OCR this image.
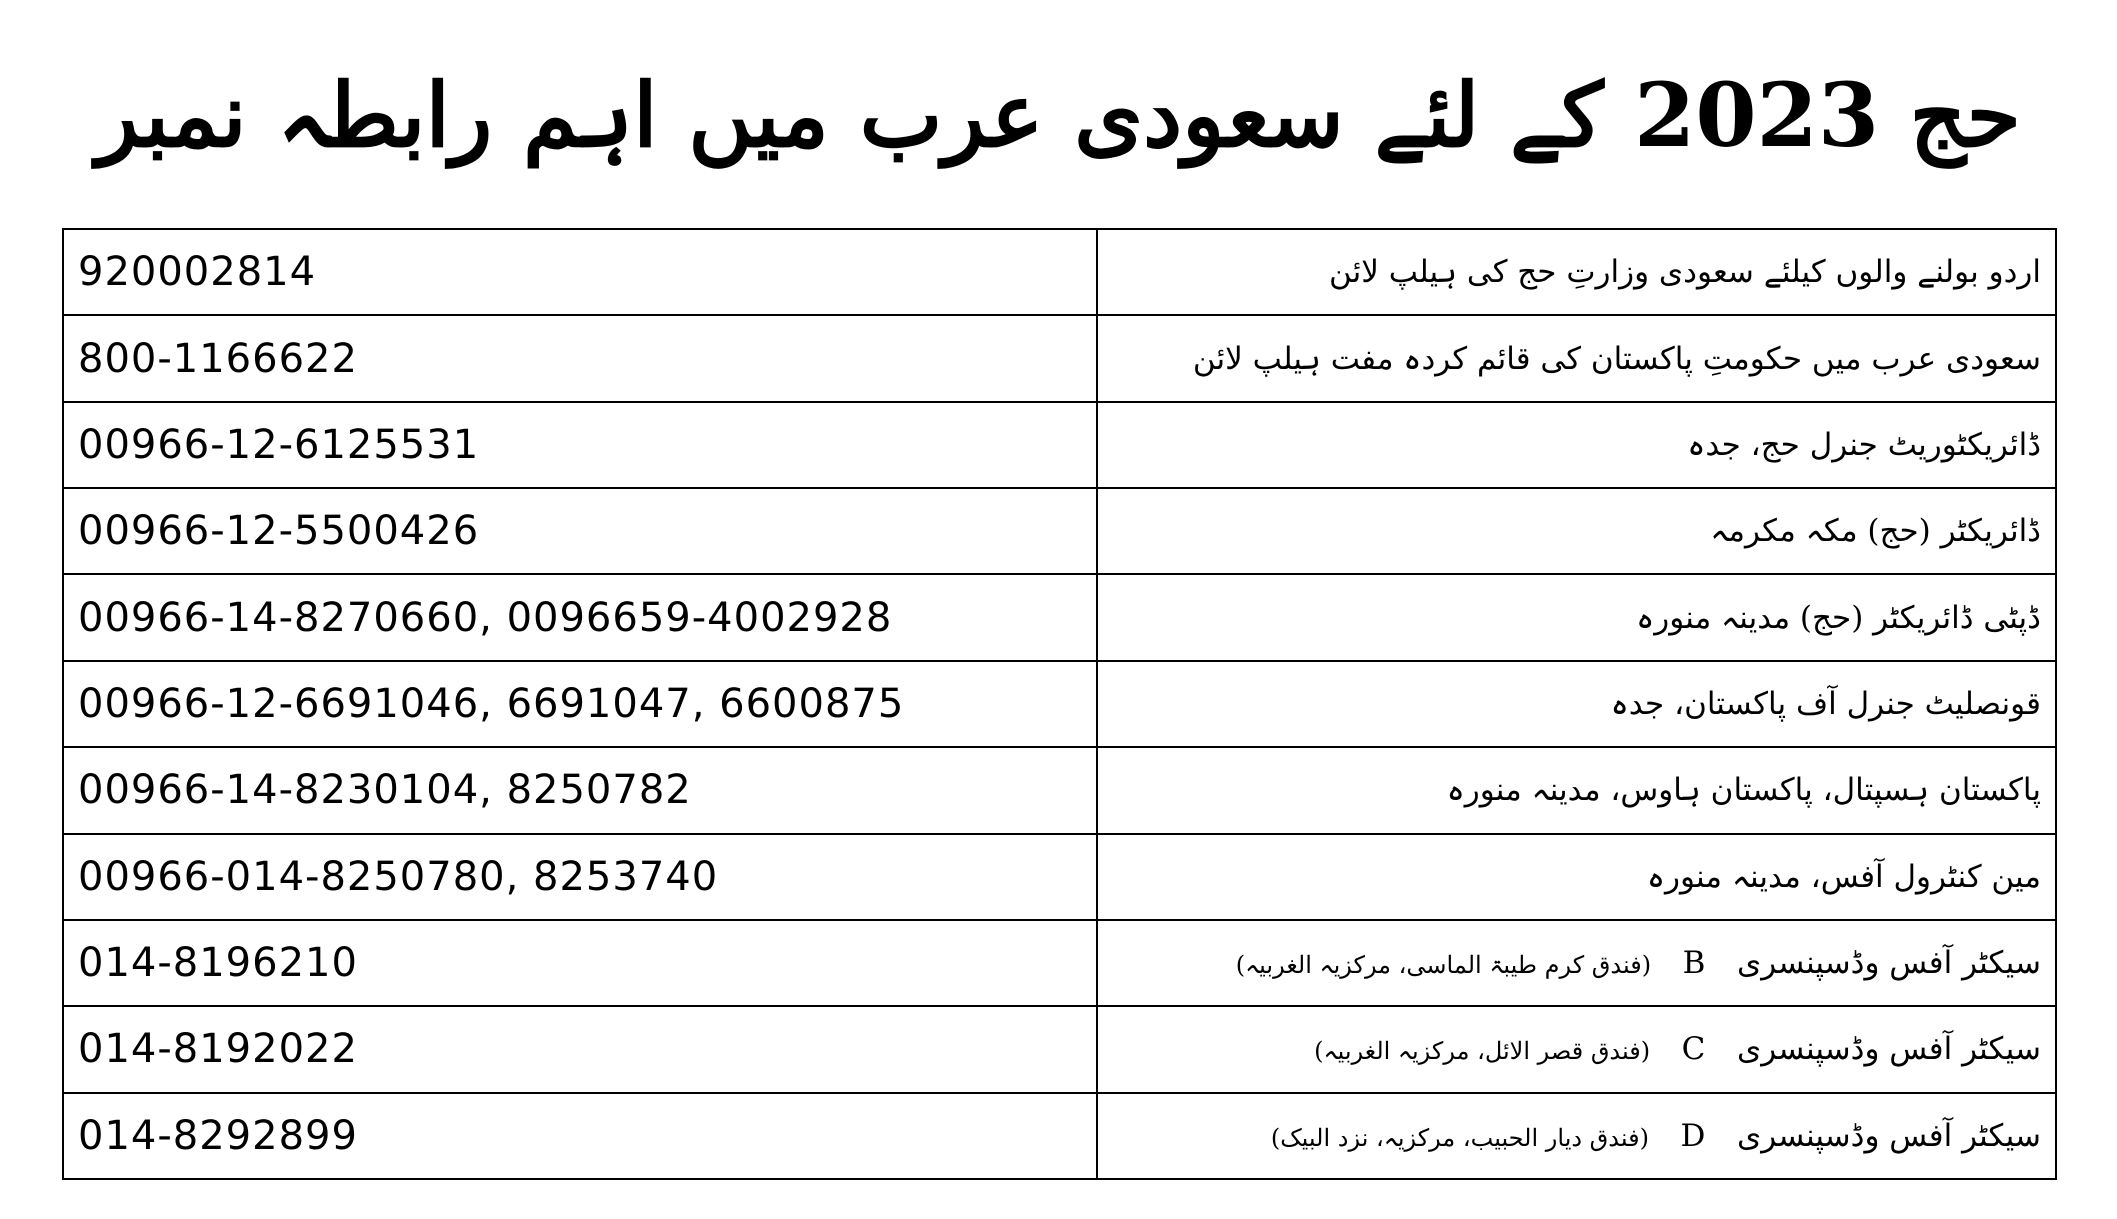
حج 2023 کے لئے سعودی عرب میں اہم رابطہ نمبر
920002814	اردو بولنے والوں کیلئے سعودی وزارتِ حج کی ہیلپ لائن
800-1166622	سعودی عرب میں حکومتِ پاکستان کی قائم کردہ مفت ہیلپ لائن
00966-12-6125531	ڈائریکٹوریٹ جنرل حج، جدہ
00966-12-5500426	ڈائریکٹر (حج) مکہ مکرمہ
00966-14-8270660, 0096659-4002928	ڈپٹی ڈائریکٹر (حج) مدینہ منورہ
00966-12-6691046, 6691047, 6600875	قونصلیٹ جنرل آف پاکستان، جدہ
00966-14-8230104, 8250782	پاکستان ہسپتال، پاکستان ہاوس، مدینہ منورہ
00966-014-8250780, 8253740	مین کنٹرول آفس، مدینہ منورہ
014-8196210	سیکٹر آفس وڈسپنسری B (فندق کرم طیبۃ الماسی، مرکزیہ الغربیہ)
014-8192022	سیکٹر آفس وڈسپنسری C (فندق قصر الائل، مرکزیہ الغربیہ)
014-8292899	سیکٹر آفس وڈسپنسری D (فندق دیار الحبیب، مرکزیہ، نزد البیک)
